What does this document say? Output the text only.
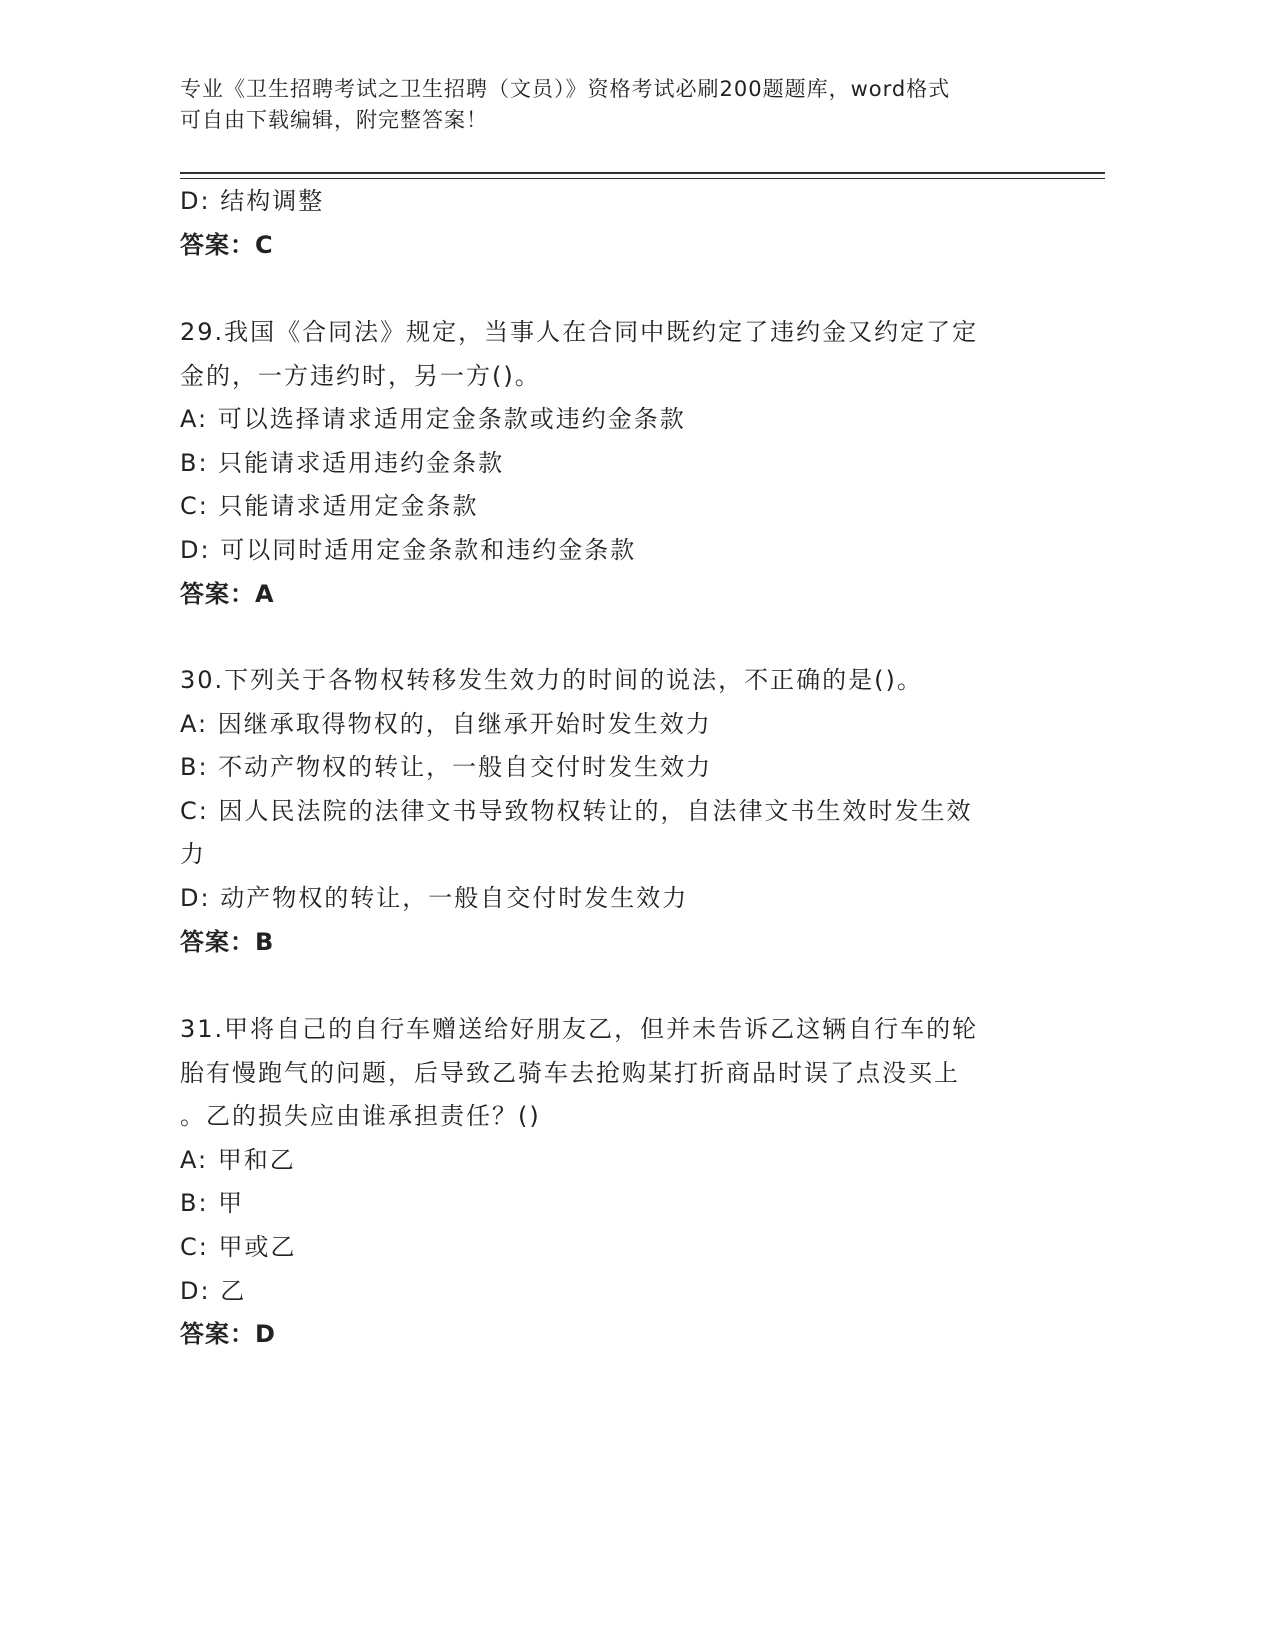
专业《卫生招聘考试之卫生招聘（文员）》资格考试必刷200题题库，word格式
可自由下载编辑，附完整答案！
D: 结构调整
答案：C
29.我国《合同法》规定，当事人在合同中既约定了违约金又约定了定
金的，一方违约时，另一方()。
A: 可以选择请求适用定金条款或违约金条款
B: 只能请求适用违约金条款
C: 只能请求适用定金条款
D: 可以同时适用定金条款和违约金条款
答案：A
30.下列关于各物权转移发生效力的时间的说法，不正确的是()。
A: 因继承取得物权的，自继承开始时发生效力
B: 不动产物权的转让，一般自交付时发生效力
C: 因人民法院的法律文书导致物权转让的，自法律文书生效时发生效
力
D: 动产物权的转让，一般自交付时发生效力
答案：B
31.甲将自己的自行车赠送给好朋友乙，但并未告诉乙这辆自行车的轮
胎有慢跑气的问题，后导致乙骑车去抢购某打折商品时误了点没买上
。乙的损失应由谁承担责任？()
A: 甲和乙
B: 甲
C: 甲或乙
D: 乙
答案：D
